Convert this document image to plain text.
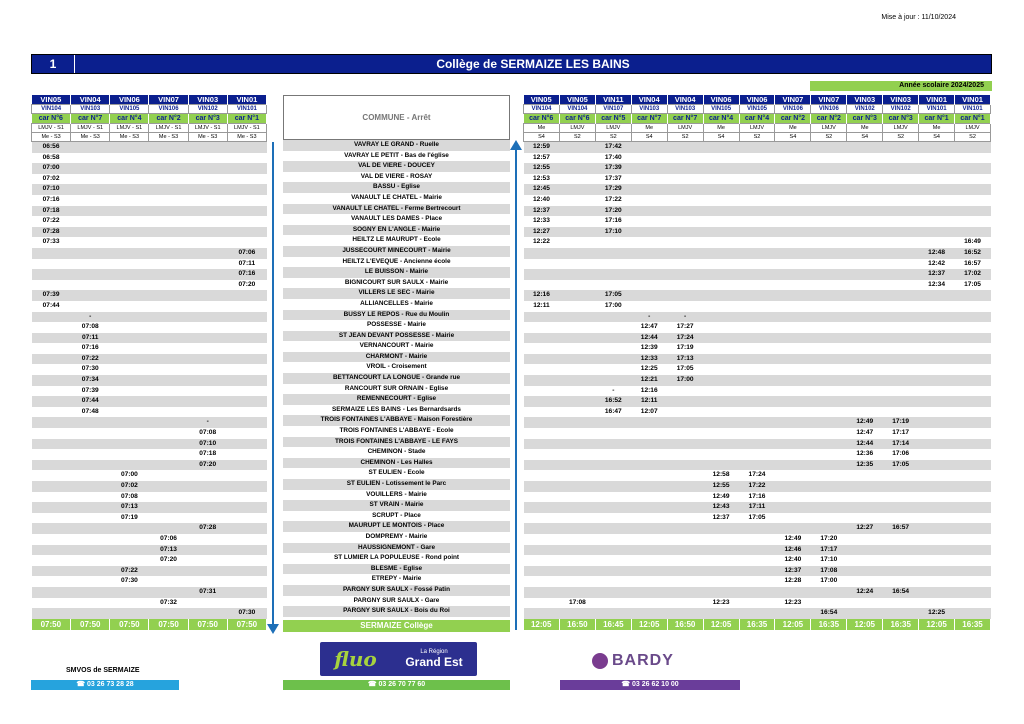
Mise à jour : 11/10/2024
1	Collège de SERMAIZE LES BAINS
Année scolaire 2024/2025
VIN05	VIN04	VIN06	VIN07	VIN03	VIN01
VIN104	VIN103	VIN105	VIN106	VIN102	VIN101
car N°6	car N°7	car N°4	car N°2	car N°3	car N°1
LMJV - S1	LMJV - S1	LMJV - S1	LMJV - S1	LMJV - S1	LMJV - S1
Me - S3	Me - S3	Me - S3	Me - S3	Me - S3	Me - S3
06:56					
06:58					
07:00					
07:02					
07:10					
07:16					
07:18					
07:22					
07:28					
07:33					
					07:06
					07:11
					07:16
					07:20
07:39					
07:44					
	-				
	07:08				
	07:11				
	07:16				
	07:22				
	07:30				
	07:34				
	07:39				
	07:44				
	07:48				
				-	
				07:08	
				07:10	
				07:18	
				07:20	
		07:00			
		07:02			
		07:08			
		07:13			
		07:19			
				07:28	
			07:06		
			07:13		
			07:20		
		07:22			
		07:30			
				07:31	
			07:32		
					07:30
07:50	07:50	07:50	07:50	07:50	07:50
COMMUNE - Arrêt
VAVRAY LE GRAND - Ruelle
VAVRAY LE PETIT - Bas de l'église
VAL DE VIERE - DOUCEY
VAL DE VIERE - ROSAY
BASSU - Eglise
VANAULT LE CHATEL - Mairie
VANAULT LE CHATEL - Ferme Bertrecourt
VANAULT LES DAMES - Place
SOGNY EN L'ANGLE - Mairie
HEILTZ LE MAURUPT - Ecole
JUSSECOURT MINECOURT - Mairie
HEILTZ L'EVEQUE - Ancienne école
LE BUISSON - Mairie
BIGNICOURT SUR SAULX - Mairie
VILLERS LE SEC - Mairie
ALLIANCELLES - Mairie
BUSSY LE REPOS - Rue du Moulin
POSSESSE - Mairie
ST JEAN DEVANT POSSESSE - Mairie
VERNANCOURT - Mairie
CHARMONT - Mairie
VROIL - Croisement
BETTANCOURT LA LONGUE - Grande rue
RANCOURT SUR ORNAIN - Eglise
REMENNECOURT - Eglise
SERMAIZE LES BAINS - Les Bernardsards
TROIS FONTAINES L'ABBAYE - Maison Forestière
TROIS FONTAINES L'ABBAYE - Ecole
TROIS FONTAINES L'ABBAYE - LE FAYS
CHEMINON - Stade
CHEMINON - Les Halles
ST EULIEN - Ecole
ST EULIEN - Lotissement le Parc
VOUILLERS - Mairie
ST VRAIN - Mairie
SCRUPT - Place
MAURUPT LE MONTOIS - Place
DOMPREMY - Mairie
HAUSSIGNEMONT - Gare
ST LUMIER LA POPULEUSE - Rond point
BLESME - Eglise
ETREPY - Mairie
PARGNY SUR SAULX - Fossé Patin
PARGNY SUR SAULX - Gare
PARGNY SUR SAULX - Bois du Roi
SERMAIZE Collège
VIN05	VIN05	VIN11	VIN04	VIN04	VIN06	VIN06	VIN07	VIN07	VIN03	VIN03	VIN01	VIN01
VIN104	VIN104	VIN107	VIN103	VIN103	VIN105	VIN105	VIN106	VIN106	VIN102	VIN102	VIN101	VIN101
car N°6	car N°6	car N°5	car N°7	car N°7	car N°4	car N°4	car N°2	car N°2	car N°3	car N°3	car N°1	car N°1
Me	LMJV	LMJV	Me	LMJV	Me	LMJV	Me	LMJV	Me	LMJV	Me	LMJV
S4	S2	S2	S4	S2	S4	S2	S4	S2	S4	S2	S4	S2
12:59		17:42										
12:57		17:40										
12:55		17:39										
12:53		17:37										
12:45		17:29										
12:40		17:22										
12:37		17:20										
12:33		17:16										
12:27		17:10										
12:22												16:49
											12:48	16:52
											12:42	16:57
											12:37	17:02
											12:34	17:05
12:16		17:05										
12:11		17:00										
			-	-								
			12:47	17:27								
			12:44	17:24								
			12:39	17:19								
			12:33	17:13								
			12:25	17:05								
			12:21	17:00								
		-	12:16									
		16:52	12:11									
		16:47	12:07									
									12:49	17:19		
									12:47	17:17		
									12:44	17:14		
									12:36	17:06		
									12:35	17:05		
					12:58	17:24						
					12:55	17:22						
					12:49	17:16						
					12:43	17:11						
					12:37	17:05						
									12:27	16:57		
							12:49	17:20				
							12:46	17:17				
							12:40	17:10				
							12:37	17:08				
							12:28	17:00				
									12:24	16:54		
	17:08				12:23		12:23					
								16:54			12:25	
12:05	16:50	16:45	12:05	16:50	12:05	16:35	12:05	16:35	12:05	16:35	12:05	16:35
SMVOS de SERMAIZE
☎ 03 26 73 28 28
fluo	La Région
Grand Est
☎ 03 26 70 77 60
BARDY
☎ 03 26 62 10 00
